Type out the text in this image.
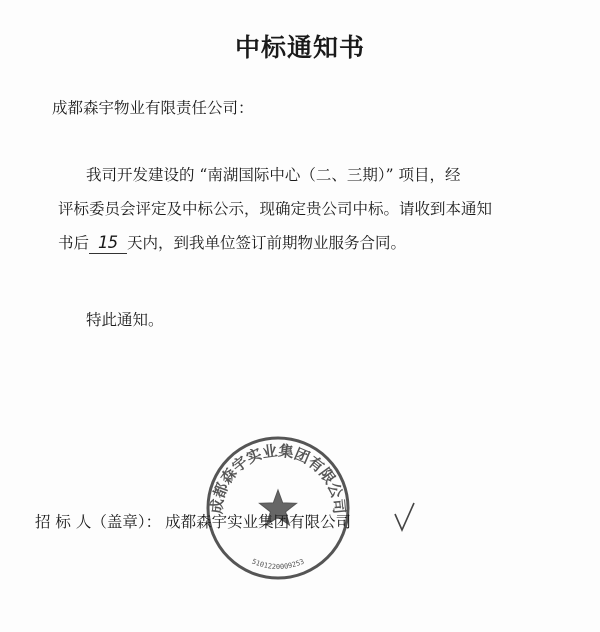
中标通知书
成都森宇物业有限责任公司：
我司开发建设的 “南湖国际中心（二、三期）” 项目，经
评标委员会评定及中标公示，现确定贵公司中标。请收到本通知
书后 15 天内，到我单位签订前期物业服务合同。
特此通知。
成都森宇实业集团有限公司
5101220009253
招 标 人（盖章）： 成都森宇实业集团有限公司
